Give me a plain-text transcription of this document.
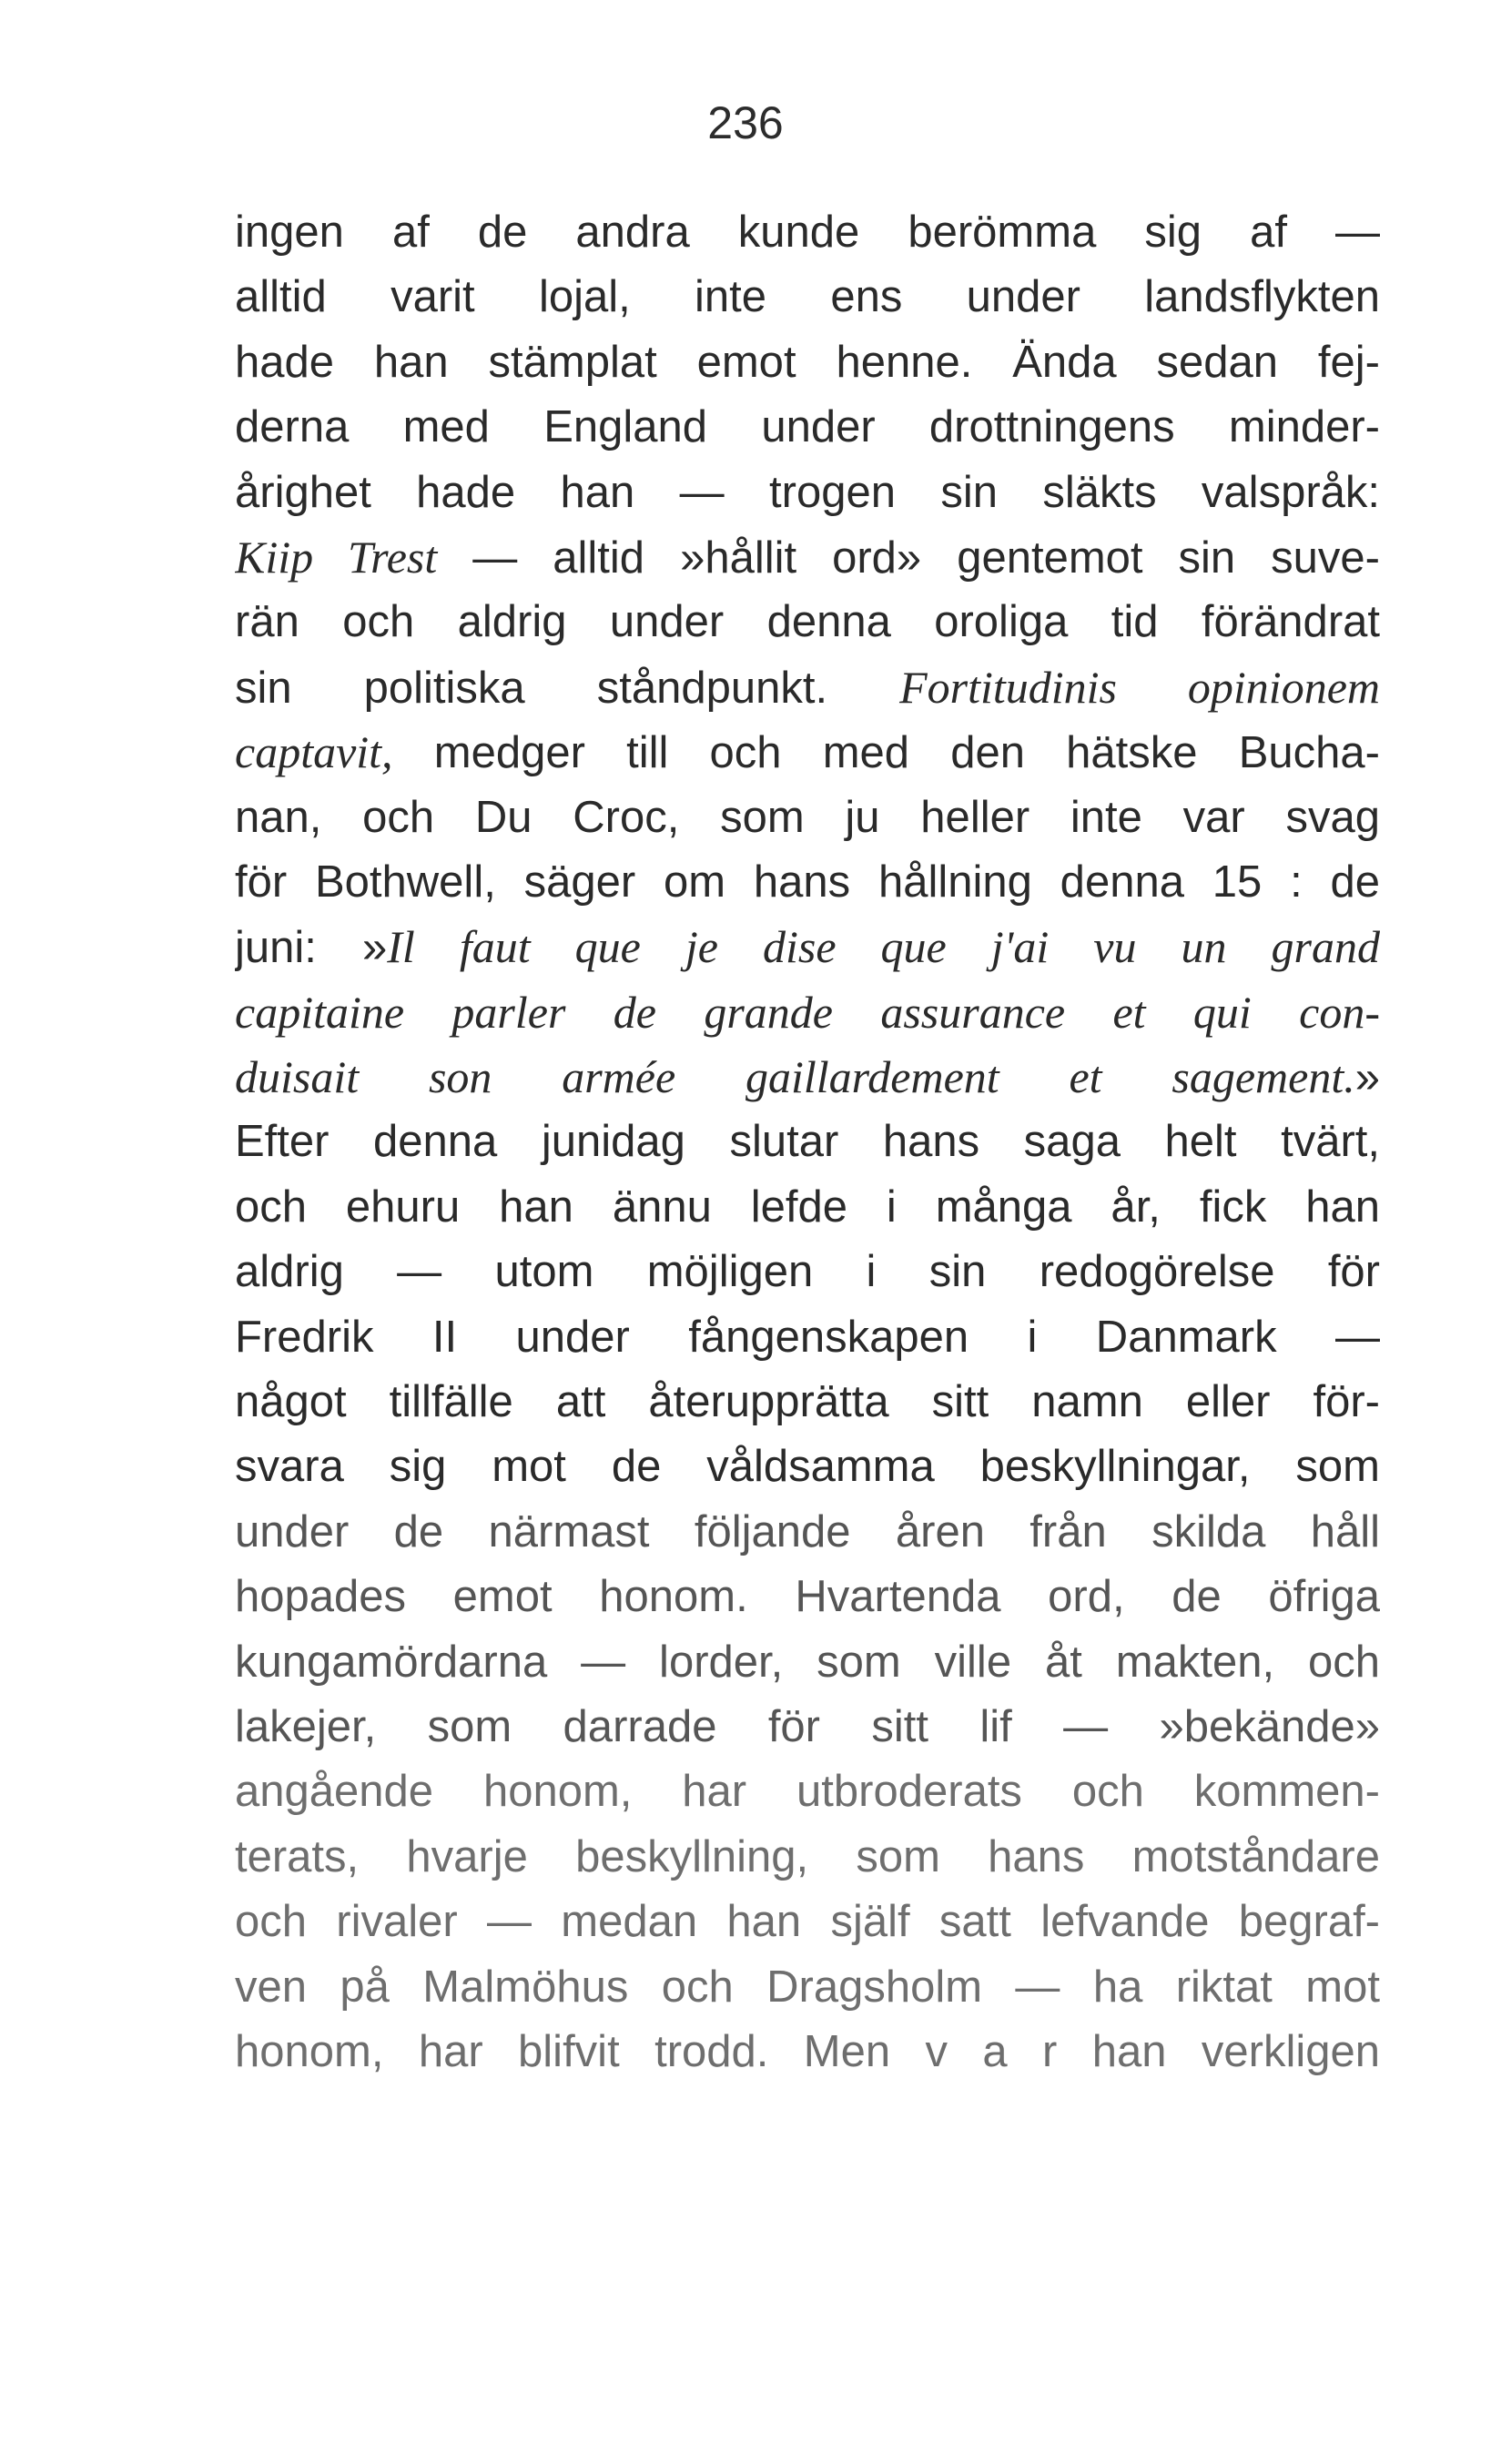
236
ingen af de andra kunde berömma sig af —
alltid varit lojal, inte ens under landsflykten
hade han stämplat emot henne. Ända sedan fej-
derna med England under drottningens minder-
årighet hade han — trogen sin släkts valspråk:
Kiip Trest — alltid »hållit ord» gentemot sin suve-
rän och aldrig under denna oroliga tid förändrat
sin politiska ståndpunkt. Fortitudinis opinionem
captavit, medger till och med den hätske Bucha-
nan, och Du Croc, som ju heller inte var svag
för Bothwell, säger om hans hållning denna 15 : de
juni: »Il faut que je dise que j'ai vu un grand
capitaine parler de grande assurance et qui con-
duisait son armée gaillardement et sagement.»
Efter denna junidag slutar hans saga helt tvärt,
och ehuru han ännu lefde i många år, fick han
aldrig — utom möjligen i sin redogörelse för
Fredrik II under fångenskapen i Danmark —
något tillfälle att återupprätta sitt namn eller för-
svara sig mot de våldsamma beskyllningar, som
under de närmast följande åren från skilda håll
hopades emot honom. Hvartenda ord, de öfriga
kungamördarna — lorder, som ville åt makten, och
lakejer, som darrade för sitt lif — »bekände»
angående honom, har utbroderats och kommen-
terats, hvarje beskyllning, som hans motståndare
och rivaler — medan han själf satt lefvande begraf-
ven på Malmöhus och Dragsholm — ha riktat mot
honom, har blifvit trodd. Men v a r han verkligen
